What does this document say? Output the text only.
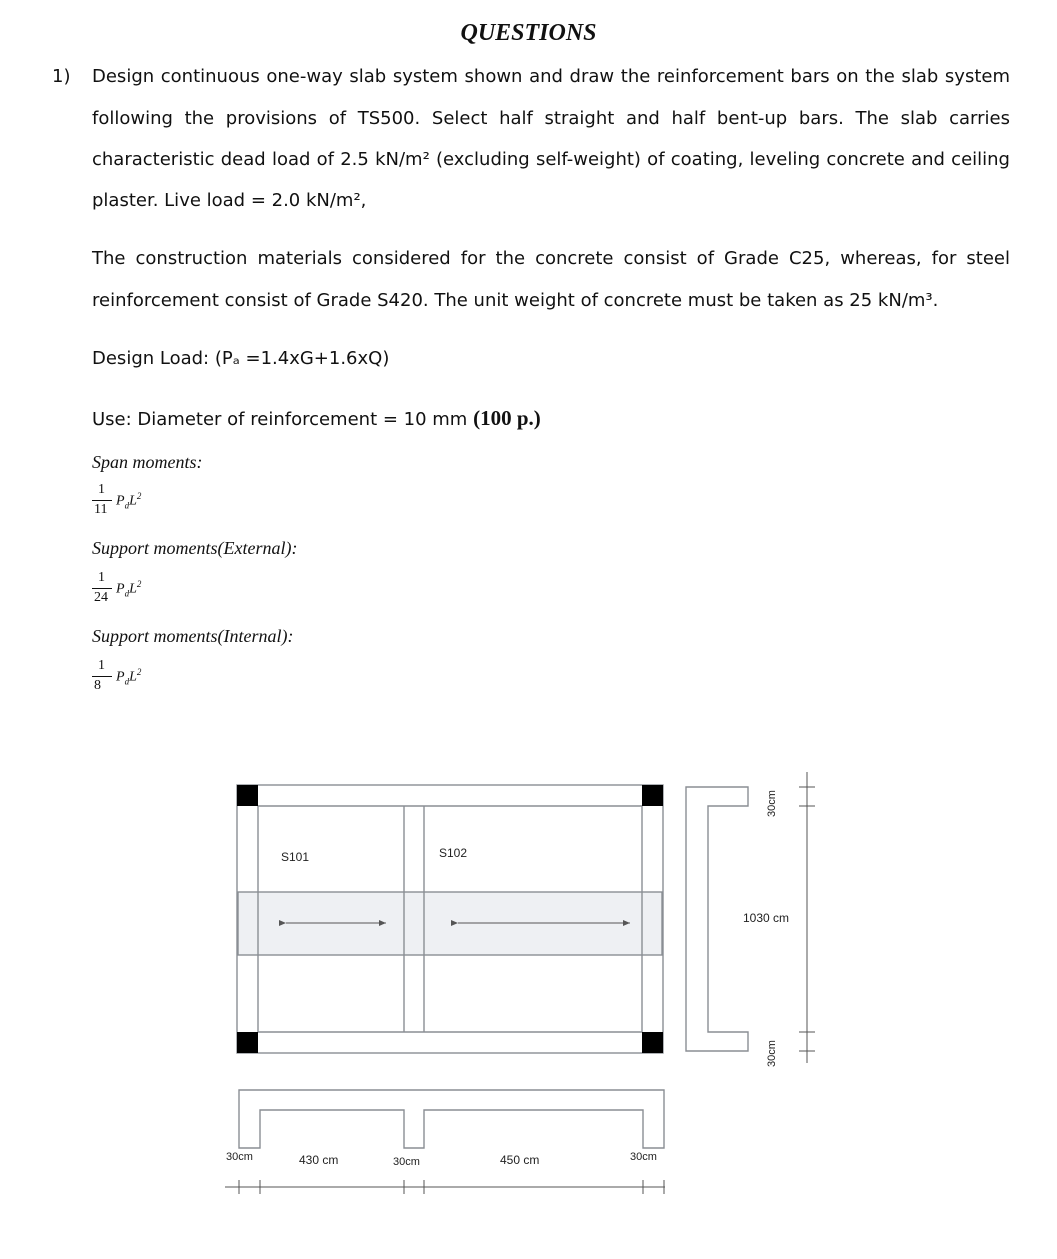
QUESTIONS
1) Design continuous one-way slab system shown and draw the reinforcement bars on the slab system
following the provisions of TS500. Select half straight and half bent-up bars. The slab carries
characteristic dead load of 2.5 kN/m² (excluding self-weight) of coating, leveling concrete and ceiling
plaster. Live load = 2.0 kN/m²,
The construction materials considered for the concrete consist of Grade C25, whereas, for steel
reinforcement consist of Grade S420. The unit weight of concrete must be taken as 25 kN/m³.
Design Load: (Pₐ =1.4xG+1.6xQ)
Use: Diameter of reinforcement = 10 mm (100 p.)
Span moments:
1
11
$P_dL^2$
Support moments(External):
1
24
$P_dL^2$
Support moments(Internal):
1
8
$P_dL^2$
S101	S102
30cm
1030 cm
30cm
30cm	430 cm	30cm	450 cm	30cm
